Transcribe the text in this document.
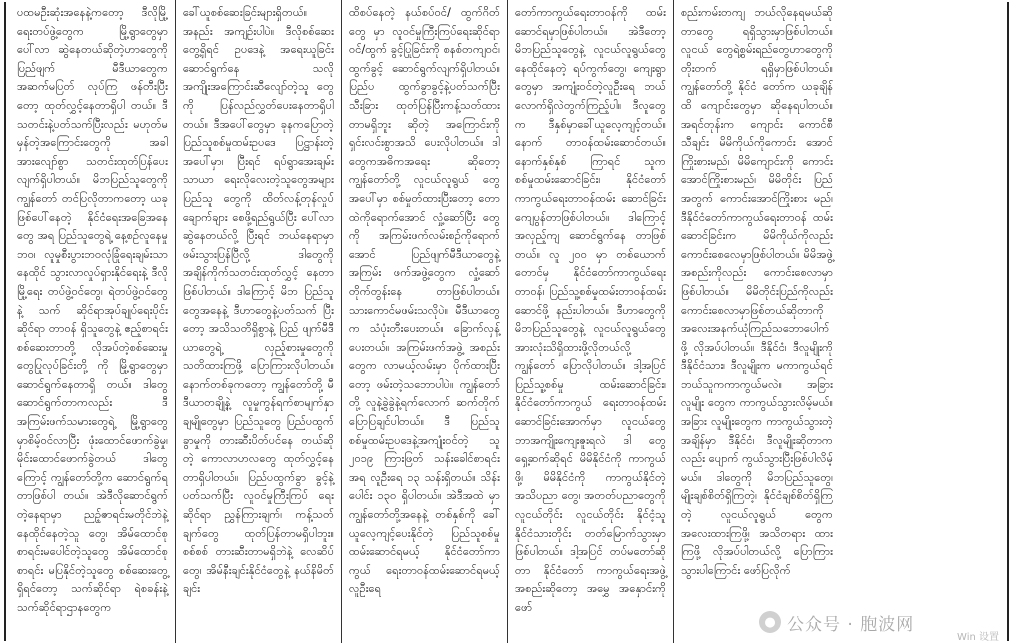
ပထမဦးဆုံးအနေနဲ့ကတော့ ဒီလိုမြို့ရေးတပ်ဖွဲ့တွေက မြို့ရွာတွေမှာ ပေါ်လာ ဆွဲနေတယ်ဆိုတဲ့ဟာတွေကို ပြည်ဖျက် မီဒီယာတွေက အဆက်မပြတ် လုပ်ကြ ဖန်တီးပြီးတော့ ထုတ်လွှင့်နေတာရှိပါ တယ်။ ဒီသတင်းနဲ့ပတ်သက်ပြီးလည်း မဟုတ်မမှန်တဲ့အကြောင်းတွေကို အခါ အားလျော်စွာ သတင်းထုတ်ပြန်ပေး လျက်ရှိပါတယ်။ မိဘပြည်သူတွေကို ကျွန်တော် တင်ပြလိုတာကတော့ ယခု ဖြစ်ပေါ်နေတဲ့ နိုင်ငံရေးအခြေအနေတွေ အရ ပြည်သူတွေရဲ့ နေ့စဉ်လူနေမှုဘဝ၊ လူမှုစီးပွားဘဝလုံခြုံရေးချမ်းသာနေထိုင် သွားလာလှုပ်ရှားနိုင်ရေးနဲ့ ဒီလိုမြို့ရေး တပ်ဖွဲ့ဝင်တွေ၊ ရဲတပ်ဖွဲ့ဝင်တွေနဲ့ သက် ဆိုင်ရာအုပ်ချုပ်ရေးပိုင်းဆိုင်ရာ တာဝန် ရှိသူတွေနဲ့ ဧည့်စာရင်းစစ်ဆေးတာတို့ လိုအပ်တဲ့စစ်ဆေးမှုတွေပြုလုပ်ခြင်းတို့ ကို မြို့ရွာတွေမှာ ဆောင်ရွက်နေတာရှိ တယ်။ ဒါတွေဆောင်ရွက်တာကလည်း ဒီအကြမ်းဖက်သမားတွေရဲ့ မြို့ရွာတွေ မှာစိမ့်ဝင်လာပြီး ဖုံးထောင်ဖောက်ခွဲမှု၊ မိုင်းထောင်ဖောက်ခွဲတယ် ဒါတွေကြောင့် ကျွန်တော်တို့က ဆောင်ရွက်ရတာဖြစ်ပါ တယ်။ အဲဒီလိုဆောင်ရွက်တဲ့နေရာမှာ ညဉ့်ဇာရင်းမတိုင်ဘဲနဲ့ နေထိုင်နေတဲ့သူ တွေ၊ အိမ်ထောင်စုစာရင်းမပေါင်တဲ့သူတွေ အိမ်ထောင်စုစာရင်း မပြနိုင်တဲ့သူတွေ စစ်ဆေးတွေ့ရှိရင်တော့ သက်ဆိုင်ရာ ရဲစခန်းနဲ့ သက်ဆိုင်ရာဌာနတွေက

ခေါ်ယူစစ်ဆေးခြင်းများရှိတယ်။ အနည်း အကျဉ်းပါပဲ။ ဒီလိုစစ်ဆေးတွေ့ရှိရင် ဥပဒေနဲ့ အရေးယူခြင်းဆောင်ရွက်နေ သလို အကျိုးအကြောင်းဆီလျော်တဲ့သူ တွေကို ပြန်လည်လွှတ်ပေးနေတာရှိပါ တယ်။ ဒီအပေါ်တွေမှာ ခုနကပြောတဲ့ ပြည်သူစစ်မှုထမ်းဥပဒေ ပြဋ္ဌာန်းတဲ့ အပေါ်မှာ၊ ပြီးရင် ရပ်ရွာအေးချမ်းသာယာ ရေးလိုလေးတဲ့သူတွေအများပြည်သူ တွေကို ထိတ်လန့်တုန်လှုပ်ချောက်ချား စေဖို့ရည်ရွယ်ပြီး ပေါ်လာဆွဲနေတယ်လို့ ပြီးရင် ဘယ်နေရာမှာဖမ်းသွားပြန်ပြီလို့ ဒါတွေကို အချိန်ကိုက်သတင်းထုတ်လွှင့် နေတာဖြစ်ပါတယ်။ ဒါကြောင့် မိဘ ပြည်သူတွေအနေနဲ့ ဒီဟာတွေနဲ့ပတ်သက် ပြီးတော့ အသိသတိရှိစွာနဲ့ ပြည် ဖျက်မီဒီယာတွေရဲ့ လှည့်စားမှုတွေကို သတိထားကြဖို့ ပြောကြားလိုပါတယ်။ နောက်တစ်ခုကတော့ ကျွန်တော်တို့ မီဒီယာတချို့နဲ့ လူမှုကွန်ရက်စာမျက်နှာ ချမျိုတွေမှာ ပြည်သူတွေ ပြည်ပထွက်ခွာမှုကို တားဆီးပိတ်ပင်နေ တယ်ဆိုတဲ့ ကောလာဟလတွေ ထုတ်လွှင့်နေတာရှိပါတယ်။ ပြည်ပထွက်ခွာ ခွင့်နဲ့ပတ်သက်ပြီး လူဝင်မှုကြီးကြပ် ရေးဆိုင်ရာ ညွှန်ကြားချက်၊ ကန့်သတ် ချက်တွေ ထုတ်ပြန်တာမရှိပါဘူး။ စစ်စစ် တားဆီးတာမရှိဘဲနဲ့ လေဆိပ်တွေ၊ အိမ်နီးချင်းနိုင်ငံတွေနဲ့ နယ်နိမိတ်ချင်း

ထိစပ်နေတဲ့ နယ်စပ်ဝင်/ ထွက်ဂိတ်တွေ မှာ လူဝင်မှုကြီးကြပ်ရေးဆိုင်ရာ ဝင်/ထွက် ခွင့်ပြုခြင်းကို စနစ်တကျဝင်၊ ထွက်ခွင့် ဆောင်ရွက်လျက်ရှိပါတယ်။ ပြည်ပ ထွက်ခွာခွင့်နဲ့ပတ်သက်ပြီး သီးခြား ထုတ်ပြန်ပြီးကန့်သတ်ထားတာမရှိဘူး ဆိုတဲ့ အကြောင်းကို ရှင်းလင်းစွာအသိ ပေးလိုပါတယ်။ ဒါတွေကအဓိကအရေး ဆိုတော့ ကျွန်တော်တို့ လူငယ်လူရွယ် တွေအပေါ်မှာ စစ်မှုတ်ထားပြီးတော့ တောထဲကိုရောက်အောင် လှုံ့ဆော်ပြီး တွေကို အကြမ်းဖက်လမ်းစဉ်ကိုရောက် အောင် ပြည်ဖျက်မီဒီယာတွေနဲ့ အကြမ်း ဖက်အဖွဲ့တွေက လှုံ့ဆော်တိုက်တွန်းနေ တာဖြစ်ပါတယ်။ သားကောင်မဖမ်းသလိုပဲ။ မီဒီယာတွေက သံပုံးတီးပေးတယ်။ ခြောက်လှန့်ပေးတယ်။ အကြမ်းဖက်အဖွဲ့ အစည်းတွေက လာမယ့်လမ်းမှာ ပိုက်ထားပြီးတော့ ဖမ်းတဲ့သဘောပါပဲ။ ကျွန်တော်တို့ လူနဲ့ခွဲခွဲနဲ့ရက်လောက် ဆက်တိုက်ပြောပြချင်ပါတယ်။ ဒီ ပြည်သူစစ်မှုထမ်းဥပဒေနဲ့အကျုံးဝင်တဲ့ သူ ၂၀၁၉ ကြားဖြတ် သန်းခေါင်စာရင်း အရ လူဦးရေ ၁၃ သန်းရှိတယ်။ သိန်းပေါင်း ၁၃၀ ရှိပါတယ်။ အဲဒီအထဲ မှာ ကျွန်တော်တို့အနေနဲ့ တစ်နှစ်ကို ခေါ်ယူလေ့ကျင့်ပေးနိုင်တဲ့ ပြည်သူစစ်မှု ထမ်းဆောင်ရမယ့် နိုင်ငံတော်ကာကွယ် ရေးတာဝန်ထမ်းဆောင်ရမယ့်လူဦးရေ

တော်ကာကွယ်ရေးတာဝန်ကို ထမ်း ဆောင်ရမှာဖြစ်ပါတယ်။ အဲဒီတော့ မိဘပြည်သူတွေနဲ့ လူငယ်လူရွယ်တွေ နေထိုင်နေတဲ့ ရပ်ကွက်တွေ၊ ကျေးရွာ တွေမှာ အကျုံးဝင်တဲ့လူဦးရေ ဘယ် လောက်ရှိလဲတွက်ကြည့်ပါ။ ဒီလူတွေက ဒီနှစ်မှာခေါ်ယူလေ့ကျင့်တယ်။ နောက် တာဝန်ထမ်းဆောင်တယ်။ နောက်နှစ်နှစ် ကြာရင် သူက စစ်မှုထမ်းဆောင်ခြင်း၊ နိုင်ငံတော်ကာကွယ်ရေးတာဝန်ထမ်း ဆောင်ခြင်း ကျေပွန်တာဖြစ်ပါတယ်။ ဒါကြောင့် အလှည့်ကျ ဆောင်ရွက်နေ တာဖြစ်တယ်။ လူ ၂၀၀ မှာ တစ်ယောက် တောင်မှ နိုင်ငံတော်ကာကွယ်ရေး တာဝန်၊ ပြည်သူ့စစ်မှုထမ်းတာဝန်ထမ်း ဆောင်ဖို့ နည်းပါတယ်။ ဒီဟာတွေကို မိဘပြည်သူတွေနဲ့ လူငယ်လူရွယ်တွေ အားလုံးသိရှိထားဖို့လိုတယ်လို့ ကျွန်တော် ပြောလိုပါတယ်။ ဒါ့အပြင် ပြည်သူ့စစ်မှု ထမ်းဆောင်ခြင်း၊ နိုင်ငံတော်ကာကွယ် ရေးတာဝန်ထမ်းဆောင်ခြင်းအောက်မှာ လူငယ်တွေ ဘာအကျိုးကျေးဇူးရလဲ ဒါ တွေရှေ့ဆက်ဆိုရင် မိမိနိုင်ငံကို ကာကွယ်ဖို့၊ မိမိနိုင်ငံကို ကာကွယ်နိုင်တဲ့ အသိပညာ တွေ၊ အတတ်ပညာတွေကို လူငယ်တိုင်း လူငယ်တိုင်း နိုင်ငံ့သူ နိုင်ငံသားတိုင်း တတ်မြောက်သွားမှာ ဖြစ်ပါတယ်။ ဒါ့အပြင် တပ်မတော်ဆိုတာ နိုင်ငံတော် ကာကွယ်ရေးအဖွဲ့ အစည်းဆိုတော့ အမွှေ အနှောင်းကိုဖော်

စည်းကမ်းတကျ ဘယ်လိုနေရမယ်ဆို တာတွေ ရရှိသွားမှာဖြစ်ပါတယ်။ လူငယ် တွေရဲ့စွမ်းရည်တွေဟာတွေကို တိုးတက် ရရှိမှာဖြစ်ပါတယ်။ ကျွန်တော်တို့ နိုင်ငံ တော်က ယခုချိန်ထိ ကျောင်းတွေမှာ ဆိုနေရပါတယ်။ အရင်တုန်းက ကျောင်း ကောင်စီသီချင်း မိမိကိုယ်ကိုကောင်း အောင်ကြိုးစားမည်၊ မိမိကျောင်းကို ကောင်းအောင်ကြိုးစားမည်၊ မိမိတိုင်း ပြည်အတွက် ကောင်းအောင်ကြိုးစား မည်၊ ဒီနိုင်ငံတော်ကာကွယ်ရေးတာဝန် ထမ်းဆောင်ခြင်းက မိမိကိုယ်ကိုလည်း ကောင်းစေလေမှာဖြစ်ပါတယ်။ မိမိအဖွဲ့ အစည်းကိုလည်း ကောင်းစေလာမှာ ဖြစ်ပါတယ်။ မိမိတိုင်းပြည်ကိုလည်း ကောင်းစေလာမှာဖြစ်တယ်ဆိုတာကို အလေးအနက်ယုံကြည်သဘောပေါက်ဖို့ လိုအပ်ပါတယ်။ ဒီနိုင်ငံ၊ ဒီလူမျိုးကို ဒီနိုင်ငံသား၊ ဒီလူမျိုးက မကာကွယ်ရင် ဘယ်သူကကာကွယ်မလဲ။ အခြားလူမျိုး တွေက ကာကွယ်သွားလိမ့်မယ်။ အခြား လူမျိုးတွေက ကာကွယ်သွားတဲ့အချိန်မှာ ဒီနိုင်ငံ၊ ဒီလူမျိုးဆိုတာကလည်း ပျောက် ကွယ်သွားပြီးဖြစ်ပါလိမ့်မယ်။ ဒါတွေကို မိဘပြည်သူတွေ၊ မျိုးချစ်စိတ်ရှိကြတဲ့၊ နိုင်ငံချစ်စိတ်ရှိကြတဲ့ လူငယ်လူရွယ် တွေက အလေးထားကြဖို့၊ အသိတရား ထားကြဖို့ လိုအပ်ပါတယ်လို့ ပြောကြား သွားပါကြောင်း ဖော်ပြလိုက်

● 公众号 · 胞波网
Win 设置
